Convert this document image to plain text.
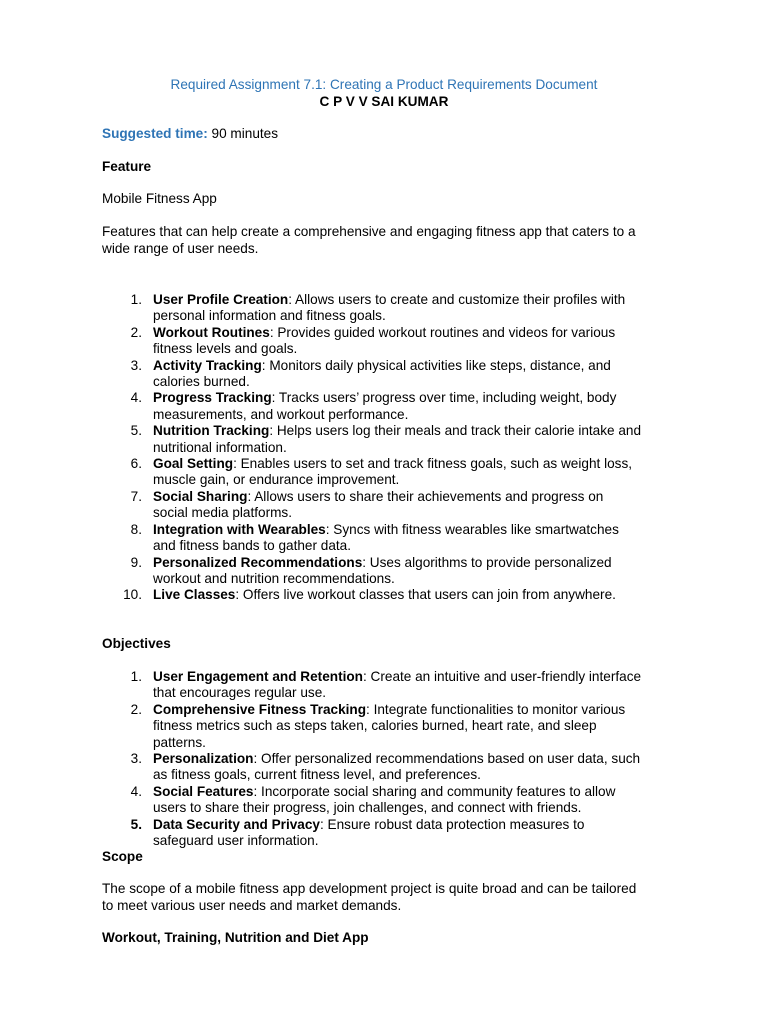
Required Assignment 7.1: Creating a Product Requirements Document
C P V V SAI KUMAR
Suggested time: 90 minutes
Feature
Mobile Fitness App
Features that can help create a comprehensive and engaging fitness app that caters to a
wide range of user needs.
1. User Profile Creation: Allows users to create and customize their profiles with
personal information and fitness goals.
2. Workout Routines: Provides guided workout routines and videos for various
fitness levels and goals.
3. Activity Tracking: Monitors daily physical activities like steps, distance, and
calories burned.
4. Progress Tracking: Tracks users’ progress over time, including weight, body
measurements, and workout performance.
5. Nutrition Tracking: Helps users log their meals and track their calorie intake and
nutritional information.
6. Goal Setting: Enables users to set and track fitness goals, such as weight loss,
muscle gain, or endurance improvement.
7. Social Sharing: Allows users to share their achievements and progress on
social media platforms.
8. Integration with Wearables: Syncs with fitness wearables like smartwatches
and fitness bands to gather data.
9. Personalized Recommendations: Uses algorithms to provide personalized
workout and nutrition recommendations.
10. Live Classes: Offers live workout classes that users can join from anywhere.
Objectives
1. User Engagement and Retention: Create an intuitive and user-friendly interface
that encourages regular use.
2. Comprehensive Fitness Tracking: Integrate functionalities to monitor various
fitness metrics such as steps taken, calories burned, heart rate, and sleep
patterns.
3. Personalization: Offer personalized recommendations based on user data, such
as fitness goals, current fitness level, and preferences.
4. Social Features: Incorporate social sharing and community features to allow
users to share their progress, join challenges, and connect with friends.
5. Data Security and Privacy: Ensure robust data protection measures to
safeguard user information.
Scope
The scope of a mobile fitness app development project is quite broad and can be tailored
to meet various user needs and market demands.
Workout, Training, Nutrition and Diet App
